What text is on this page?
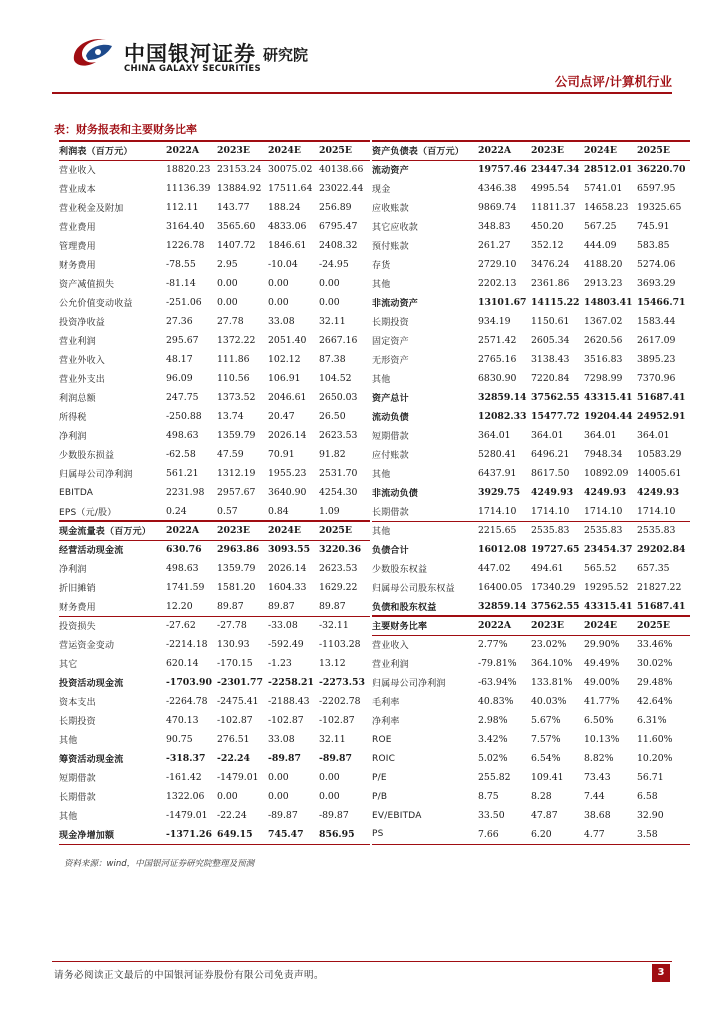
中国银河证券 研究院
CHINA GALAXY SECURITIES
公司点评/计算机行业
表：财务报表和主要财务比率
利润表（百万元）	2022A	2023E	2024E	2025E
营业收入	18820.23	23153.24	30075.02	40138.66
营业成本	11136.39	13884.92	17511.64	23022.44
营业税金及附加	112.11	143.77	188.24	256.89
营业费用	3164.40	3565.60	4833.06	6795.47
管理费用	1226.78	1407.72	1846.61	2408.32
财务费用	-78.55	2.95	-10.04	-24.95
资产减值损失	-81.14	0.00	0.00	0.00
公允价值变动收益	-251.06	0.00	0.00	0.00
投资净收益	27.36	27.78	33.08	32.11
营业利润	295.67	1372.22	2051.40	2667.16
营业外收入	48.17	111.86	102.12	87.38
营业外支出	96.09	110.56	106.91	104.52
利润总额	247.75	1373.52	2046.61	2650.03
所得税	-250.88	13.74	20.47	26.50
净利润	498.63	1359.79	2026.14	2623.53
少数股东损益	-62.58	47.59	70.91	91.82
归属母公司净利润	561.21	1312.19	1955.23	2531.70
EBITDA	2231.98	2957.67	3640.90	4254.30
EPS（元/股）	0.24	0.57	0.84	1.09
现金流量表（百万元）	2022A	2023E	2024E	2025E
经营活动现金流	630.76	2963.86	3093.55	3220.36
净利润	498.63	1359.79	2026.14	2623.53
折旧摊销	1741.59	1581.20	1604.33	1629.22
财务费用	12.20	89.87	89.87	89.87
投资损失	-27.62	-27.78	-33.08	-32.11
营运资金变动	-2214.18	130.93	-592.49	-1103.28
其它	620.14	-170.15	-1.23	13.12
投资活动现金流	-1703.90	-2301.77	-2258.21	-2273.53
资本支出	-2264.78	-2475.41	-2188.43	-2202.78
长期投资	470.13	-102.87	-102.87	-102.87
其他	90.75	276.51	33.08	32.11
筹资活动现金流	-318.37	-22.24	-89.87	-89.87
短期借款	-161.42	-1479.01	0.00	0.00
长期借款	1322.06	0.00	0.00	0.00
其他	-1479.01	-22.24	-89.87	-89.87
现金净增加额	-1371.26	649.15	745.47	856.95
资产负债表（百万元）	2022A	2023E	2024E	2025E
流动资产	19757.46	23447.34	28512.01	36220.70
现金	4346.38	4995.54	5741.01	6597.95
应收账款	9869.74	11811.37	14658.23	19325.65
其它应收款	348.83	450.20	567.25	745.91
预付账款	261.27	352.12	444.09	583.85
存货	2729.10	3476.24	4188.20	5274.06
其他	2202.13	2361.86	2913.23	3693.29
非流动资产	13101.67	14115.22	14803.41	15466.71
长期投资	934.19	1150.61	1367.02	1583.44
固定资产	2571.42	2605.34	2620.56	2617.09
无形资产	2765.16	3138.43	3516.83	3895.23
其他	6830.90	7220.84	7298.99	7370.96
资产总计	32859.14	37562.55	43315.41	51687.41
流动负债	12082.33	15477.72	19204.44	24952.91
短期借款	364.01	364.01	364.01	364.01
应付账款	5280.41	6496.21	7948.34	10583.29
其他	6437.91	8617.50	10892.09	14005.61
非流动负债	3929.75	4249.93	4249.93	4249.93
长期借款	1714.10	1714.10	1714.10	1714.10
其他	2215.65	2535.83	2535.83	2535.83
负债合计	16012.08	19727.65	23454.37	29202.84
少数股东权益	447.02	494.61	565.52	657.35
归属母公司股东权益	16400.05	17340.29	19295.52	21827.22
负债和股东权益	32859.14	37562.55	43315.41	51687.41
主要财务比率	2022A	2023E	2024E	2025E
营业收入	2.77%	23.02%	29.90%	33.46%
营业利润	-79.81%	364.10%	49.49%	30.02%
归属母公司净利润	-63.94%	133.81%	49.00%	29.48%
毛利率	40.83%	40.03%	41.77%	42.64%
净利率	2.98%	5.67%	6.50%	6.31%
ROE	3.42%	7.57%	10.13%	11.60%
ROIC	5.02%	6.54%	8.82%	10.20%
P/E	255.82	109.41	73.43	56.71
P/B	8.75	8.28	7.44	6.58
EV/EBITDA	33.50	47.87	38.68	32.90
PS	7.66	6.20	4.77	3.58
资料来源：wind，中国银河证券研究院整理及预测
请务必阅读正文最后的中国银河证券股份有限公司免责声明。	3
